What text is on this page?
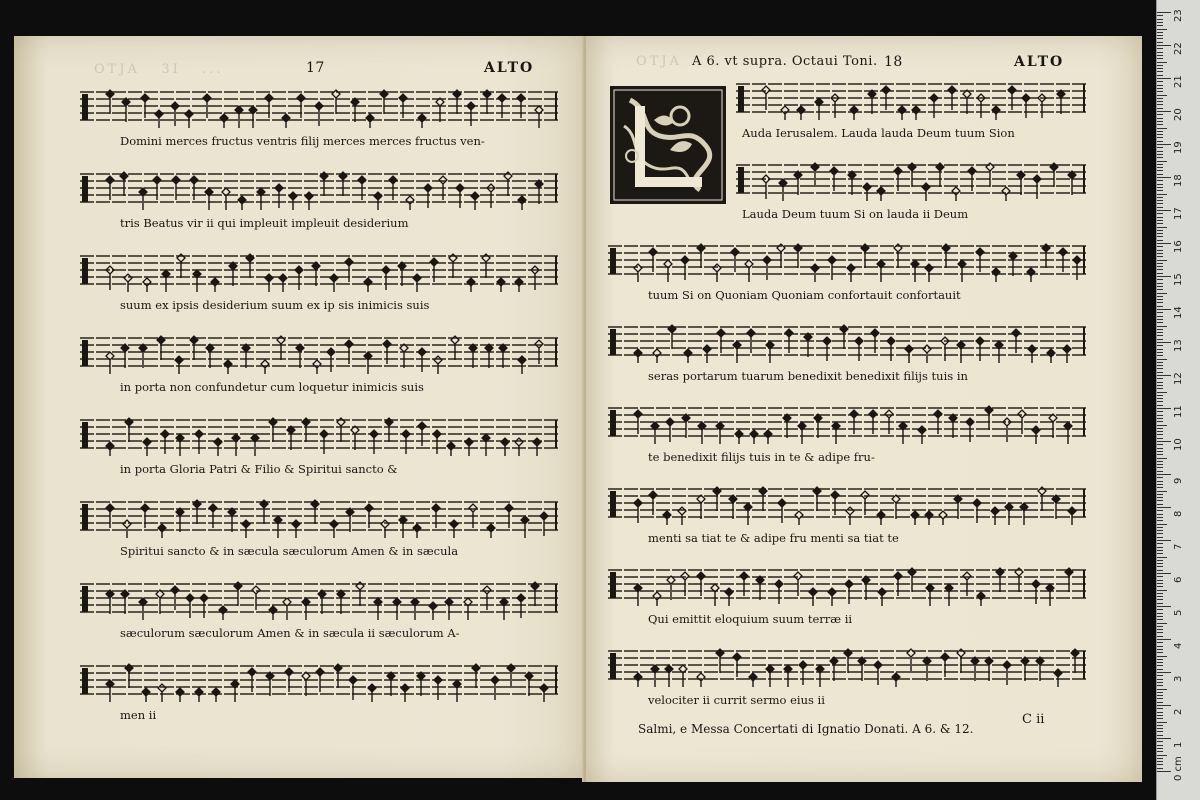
OTJA   3I   ...	17	ALTO
Domini merces fructus ventris filij merces merces fructus ven-
tris Beatus vir ii qui impleuit impleuit desiderium
suum ex ipsis desiderium suum ex ip sis inimicis suis
in porta non confundetur cum loquetur inimicis suis
in porta Gloria Patri & Filio & Spiritui sancto &
Spiritui sancto & in sæcula sæculorum Amen & in sæcula
sæculorum sæculorum Amen & in sæcula ii sæculorum A-
men ii
OTJA A 6. vt supra. Octaui Toni. 18	ALTO
Auda Ierusalem. Lauda lauda Deum tuum Sion
Lauda Deum tuum Si on lauda ii Deum
tuum Si on Quoniam Quoniam confortauit confortauit
seras portarum tuarum benedixit benedixit filijs tuis in
te benedixit filijs tuis in te & adipe fru-
menti sa tiat te & adipe fru menti sa tiat te
Qui emittit eloquium suum terræ ii
velociter ii currit sermo eius ii
Salmi, e Messa Concertati di Ignatio Donati. A 6. & 12.
C ii
23
22
21
20
19
18
17
16
15
14
13
12
11
10
9
8
7
6
5
4
3
2
1
0 cm
